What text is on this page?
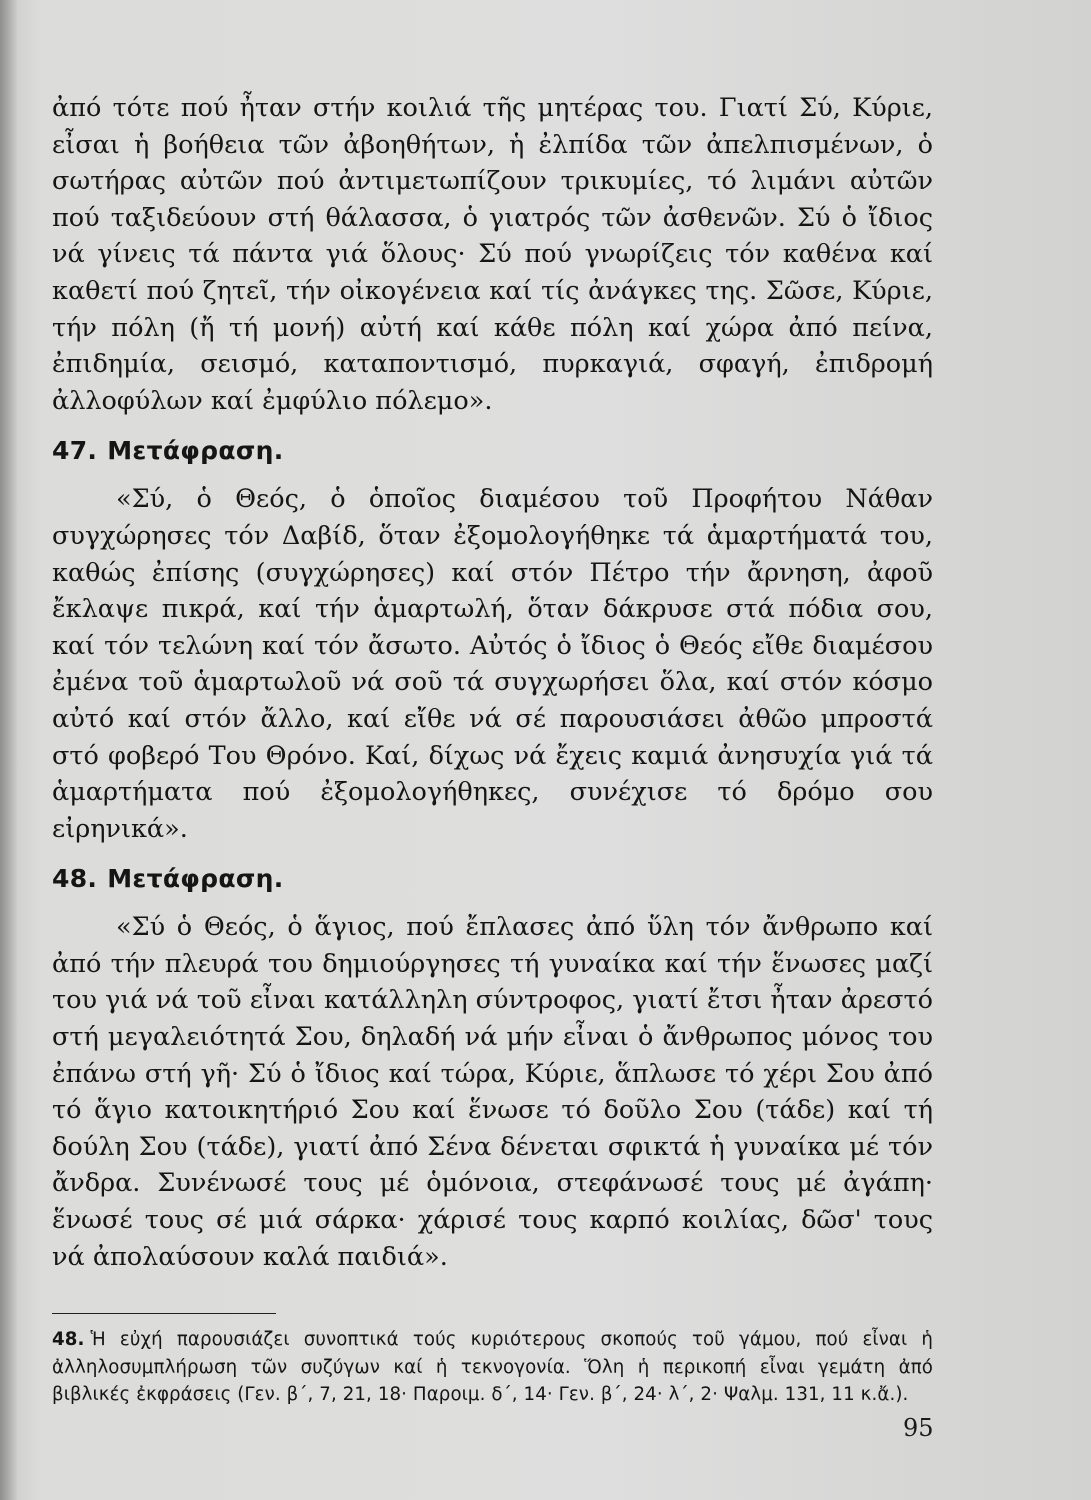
ἀπό τότε πού ἦταν στήν κοιλιά τῆς μητέρας του. Γιατί Σύ, Κύριε, εἶσαι ἡ βοήθεια τῶν ἀβοηθήτων, ἡ ἐλπίδα τῶν ἀπελπισμένων, ὁ σωτήρας αὐτῶν πού ἀντιμετωπίζουν τρικυμίες, τό λιμάνι αὐτῶν πού ταξιδεύουν στή θάλασσα, ὁ γιατρός τῶν ἀσθενῶν. Σύ ὁ ἴδιος νά γίνεις τά πάντα γιά ὅλους· Σύ πού γνωρίζεις τόν καθένα καί καθετί πού ζητεῖ, τήν οἰκογένεια καί τίς ἀνάγκες της. Σῶσε, Κύριε, τήν πόλη (ἤ τή μονή) αὐτή καί κάθε πόλη καί χώρα ἀπό πείνα, ἐπιδημία, σεισμό, καταποντισμό, πυρκαγιά, σφαγή, ἐπιδρομή ἀλλοφύλων καί ἐμφύλιο πόλεμο».

47. Μετάφραση.

«Σύ, ὁ Θεός, ὁ ὁποῖος διαμέσου τοῦ Προφήτου Νάθαν συγχώρησες τόν Δαβίδ, ὅταν ἐξομολογήθηκε τά ἁμαρτήματά του, καθώς ἐπίσης (συγχώρησες) καί στόν Πέτρο τήν ἄρνηση, ἀφοῦ ἔκλαψε πικρά, καί τήν ἁμαρτωλή, ὅταν δάκρυσε στά πόδια σου, καί τόν τελώνη καί τόν ἄσωτο. Αὐτός ὁ ἴδιος ὁ Θεός εἴθε διαμέσου ἐμένα τοῦ ἁμαρτωλοῦ νά σοῦ τά συγχωρήσει ὅλα, καί στόν κόσμο αὐτό καί στόν ἄλλο, καί εἴθε νά σέ παρουσιάσει ἀθῶο μπροστά στό φοβερό Του Θρόνο. Καί, δίχως νά ἔχεις καμιά ἀνησυχία γιά τά ἁμαρτήματα πού ἐξομολογήθηκες, συνέχισε τό δρόμο σου εἰρηνικά».

48. Μετάφραση.

«Σύ ὁ Θεός, ὁ ἅγιος, πού ἔπλασες ἀπό ὕλη τόν ἄνθρωπο καί ἀπό τήν πλευρά του δημιούργησες τή γυναίκα καί τήν ἕνωσες μαζί του γιά νά τοῦ εἶναι κατάλληλη σύντροφος, γιατί ἔτσι ἦταν ἀρεστό στή μεγαλειότητά Σου, δηλαδή νά μήν εἶναι ὁ ἄνθρωπος μόνος του ἐπάνω στή γῆ· Σύ ὁ ἴδιος καί τώρα, Κύριε, ἅπλωσε τό χέρι Σου ἀπό τό ἅγιο κατοικητήριό Σου καί ἕνωσε τό δοῦλο Σου (τάδε) καί τή δούλη Σου (τάδε), γιατί ἀπό Σένα δένεται σφικτά ἡ γυναίκα μέ τόν ἄνδρα. Συνένωσέ τους μέ ὁμόνοια, στεφάνωσέ τους μέ ἀγάπη· ἕνωσέ τους σέ μιά σάρκα· χάρισέ τους καρπό κοιλίας, δῶσ' τους νά ἀπολαύσουν καλά παιδιά».

48. Ἡ εὐχή παρουσιάζει συνοπτικά τούς κυριότερους σκοπούς τοῦ γάμου, πού εἶναι ἡ ἀλληλοσυμπλήρωση τῶν συζύγων καί ἡ τεκνογονία. Ὅλη ἡ περικοπή εἶναι γεμάτη ἀπό βιβλικές ἐκφράσεις (Γεν. β΄, 7, 21, 18· Παροιμ. δ΄, 14· Γεν. β΄, 24· λ΄, 2· Ψαλμ. 131, 11 κ.ἄ.).

95
